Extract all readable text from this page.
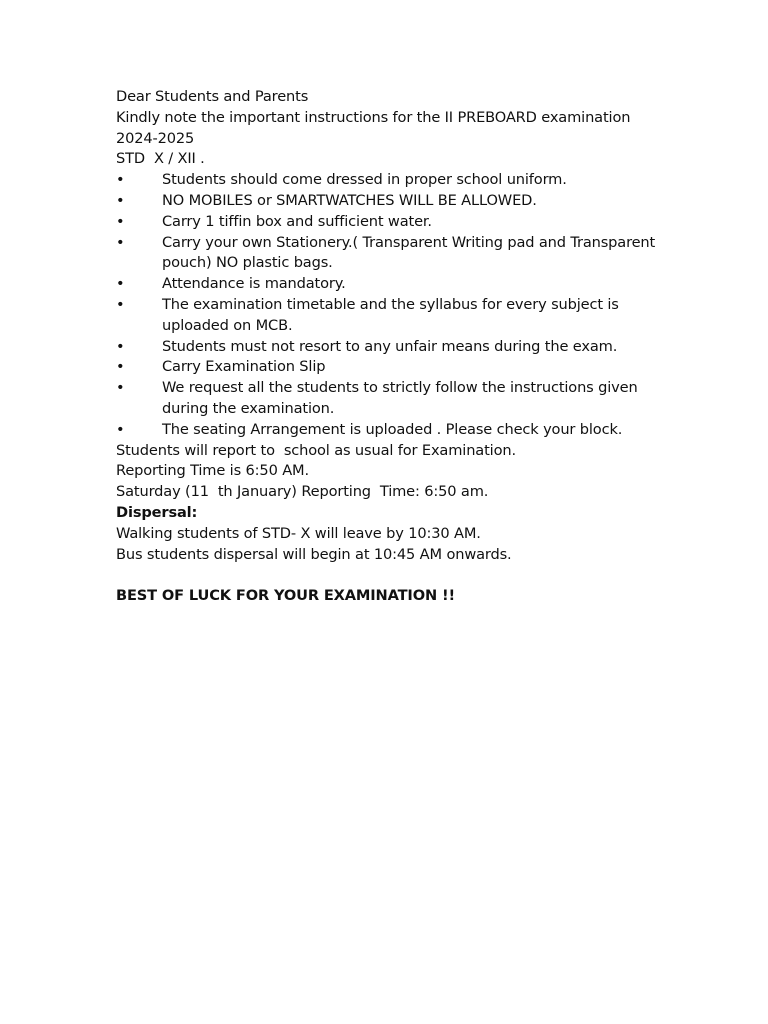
Dear Students and Parents
Kindly note the important instructions for the II PREBOARD examination 2024-2025
STD  X / XII .
•	Students should come dressed in proper school uniform.
•	NO MOBILES or SMARTWATCHES WILL BE ALLOWED.
•	Carry 1 tiffin box and sufficient water.
•	Carry your own Stationery.( Transparent Writing pad and Transparent pouch) NO plastic bags.
•	Attendance is mandatory.
•	The examination timetable and the syllabus for every subject is uploaded on MCB.
•	Students must not resort to any unfair means during the exam.
•	Carry Examination Slip
•	We request all the students to strictly follow the instructions given during the examination.
•	The seating Arrangement is uploaded . Please check your block.
Students will report to  school as usual for Examination.
Reporting Time is 6:50 AM.
Saturday (11  th January) Reporting  Time: 6:50 am.
Dispersal:
Walking students of STD- X will leave by 10:30 AM.
Bus students dispersal will begin at 10:45 AM onwards.
BEST OF LUCK FOR YOUR EXAMINATION !!
